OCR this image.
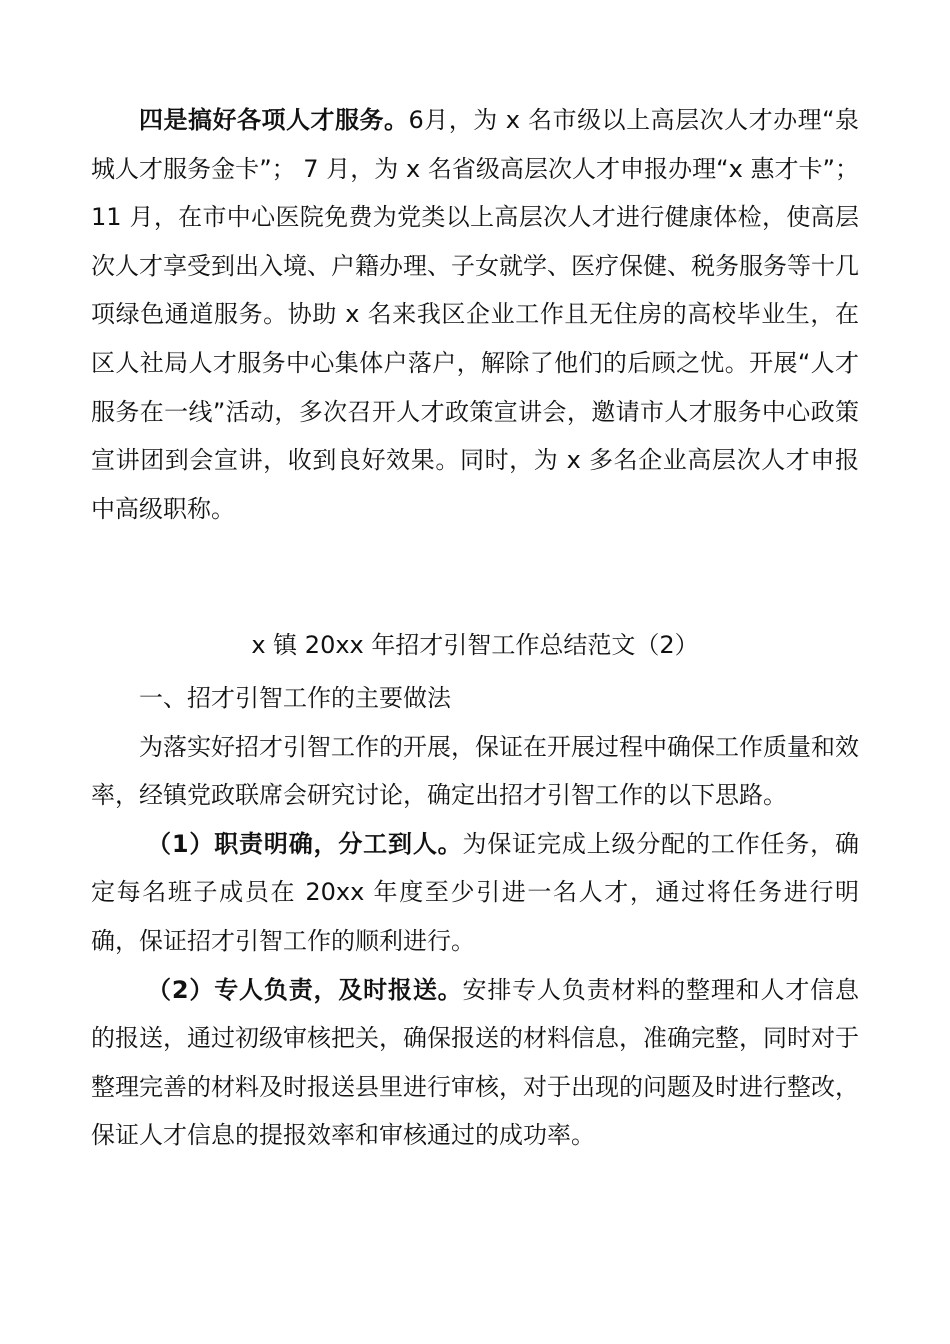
四是搞好各项人才服务。6月，为 x 名市级以上高层次人才办理“泉城人才服务金卡”； 7 月，为 x 名省级高层次人才申报办理“x 惠才卡”；11 月，在市中心医院免费为党类以上高层次人才进行健康体检，使高层次人才享受到出入境、户籍办理、子女就学、医疗保健、税务服务等十几项绿色通道服务。协助 x 名来我区企业工作且无住房的高校毕业生，在区人社局人才服务中心集体户落户，解除了他们的后顾之忧。开展“人才服务在一线”活动，多次召开人才政策宣讲会，邀请市人才服务中心政策宣讲团到会宣讲，收到良好效果。同时，为 x 多名企业高层次人才申报中高级职称。

x 镇 20xx 年招才引智工作总结范文（2）

一、招才引智工作的主要做法

为落实好招才引智工作的开展，保证在开展过程中确保工作质量和效率，经镇党政联席会研究讨论，确定出招才引智工作的以下思路。

（1）职责明确，分工到人。为保证完成上级分配的工作任务，确定每名班子成员在 20xx 年度至少引进一名人才，通过将任务进行明确，保证招才引智工作的顺利进行。

（2）专人负责，及时报送。安排专人负责材料的整理和人才信息的报送，通过初级审核把关，确保报送的材料信息，准确完整，同时对于整理完善的材料及时报送县里进行审核，对于出现的问题及时进行整改，保证人才信息的提报效率和审核通过的成功率。
